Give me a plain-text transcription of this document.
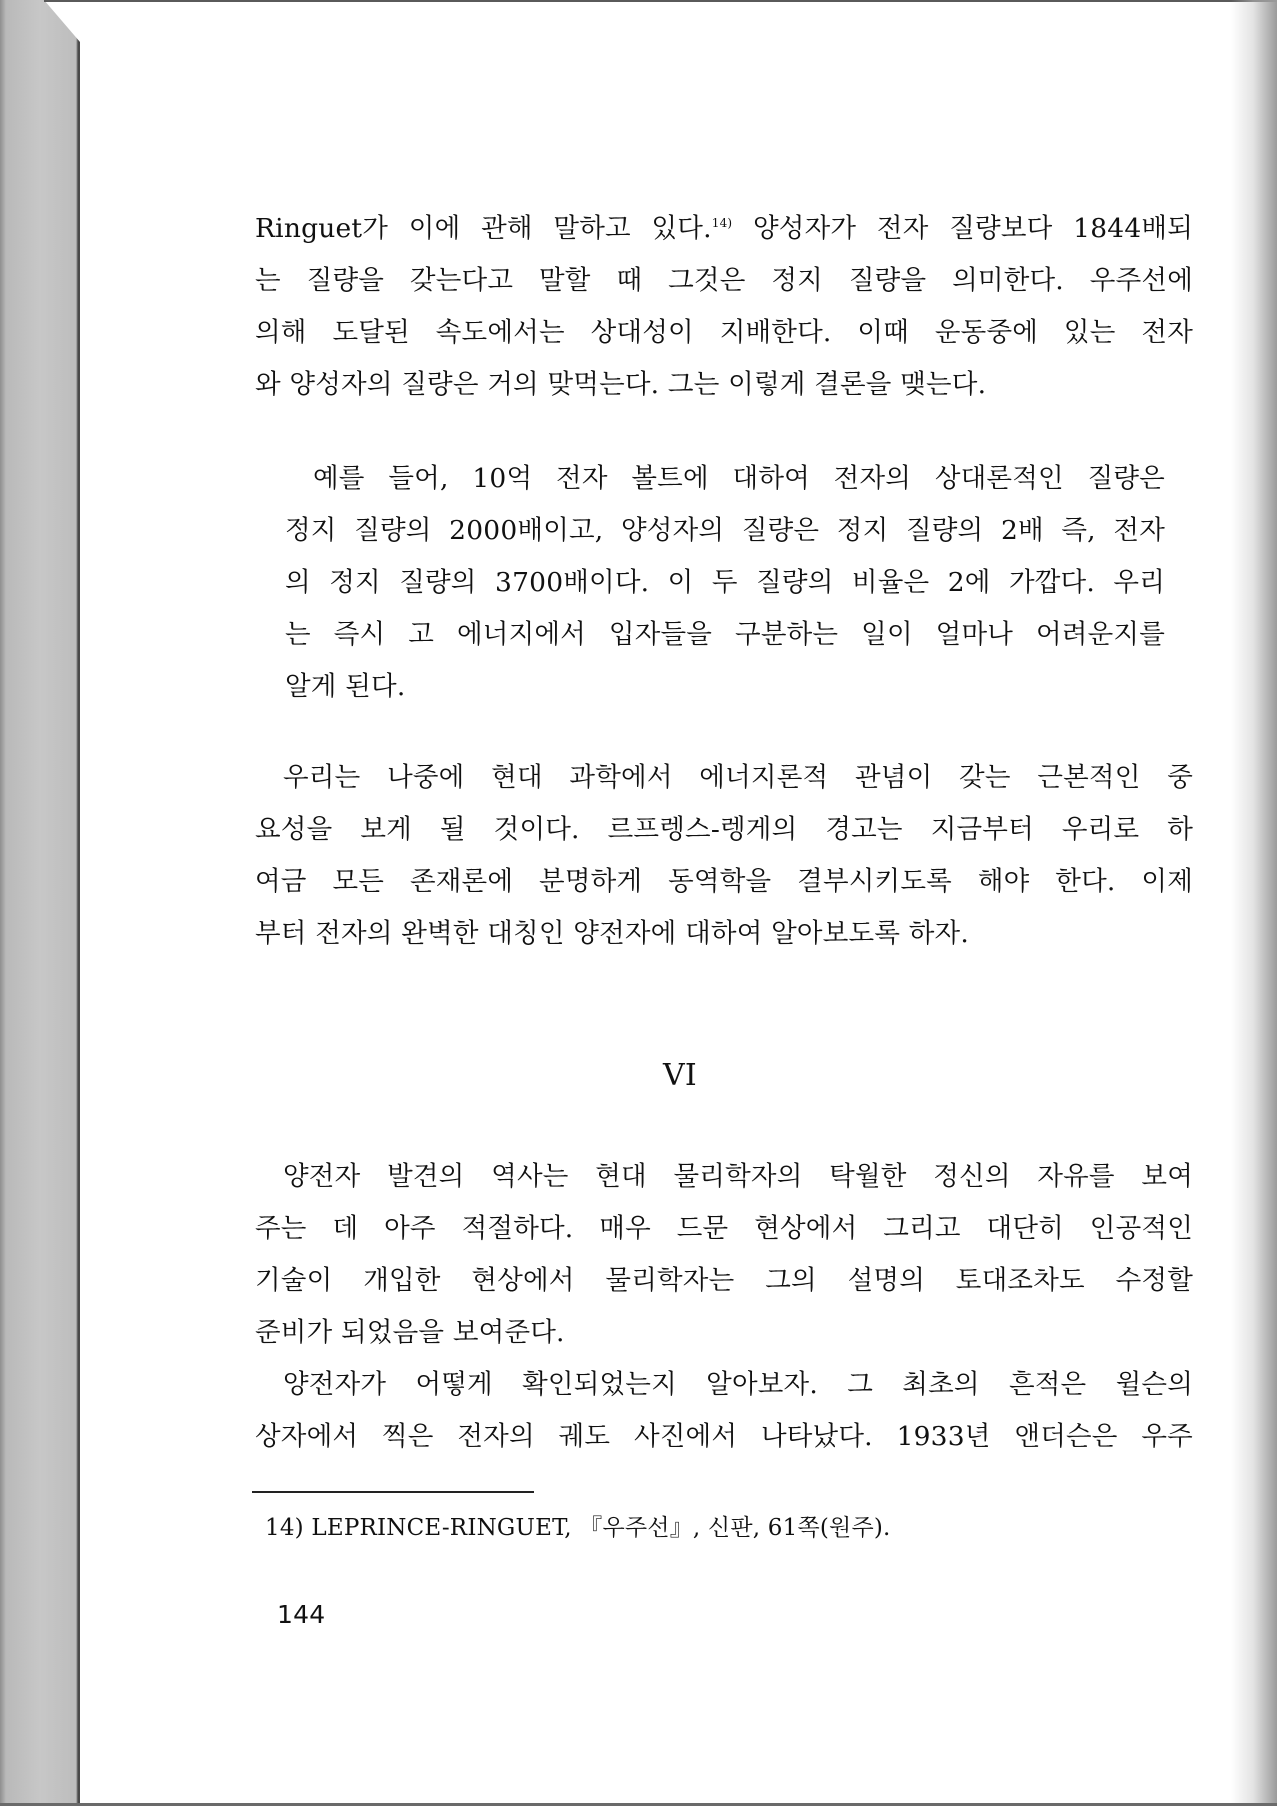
Ringuet가 이에 관해 말하고 있다.$^{14)}$ 양성자가 전자 질량보다 1844배되
는 질량을 갖는다고 말할 때 그것은 정지 질량을 의미한다. 우주선에
의해 도달된 속도에서는 상대성이 지배한다. 이때 운동중에 있는 전자
와 양성자의 질량은 거의 맞먹는다. 그는 이렇게 결론을 맺는다.
예를 들어, 10억 전자 볼트에 대하여 전자의 상대론적인 질량은
정지 질량의 2000배이고, 양성자의 질량은 정지 질량의 2배 즉, 전자
의 정지 질량의 3700배이다. 이 두 질량의 비율은 2에 가깝다. 우리
는 즉시 고 에너지에서 입자들을 구분하는 일이 얼마나 어려운지를
알게 된다.
우리는 나중에 현대 과학에서 에너지론적 관념이 갖는 근본적인 중
요성을 보게 될 것이다. 르프렝스-렝게의 경고는 지금부터 우리로 하
여금 모든 존재론에 분명하게 동역학을 결부시키도록 해야 한다. 이제
부터 전자의 완벽한 대칭인 양전자에 대하여 알아보도록 하자.
VI
양전자 발견의 역사는 현대 물리학자의 탁월한 정신의 자유를 보여
주는 데 아주 적절하다. 매우 드문 현상에서 그리고 대단히 인공적인
기술이 개입한 현상에서 물리학자는 그의 설명의 토대조차도 수정할
준비가 되었음을 보여준다.
양전자가 어떻게 확인되었는지 알아보자. 그 최초의 흔적은 윌슨의
상자에서 찍은 전자의 궤도 사진에서 나타났다. 1933년 앤더슨은 우주
14) LEPRINCE-RINGUET, 『우주선』, 신판, 61쪽(원주).
144
